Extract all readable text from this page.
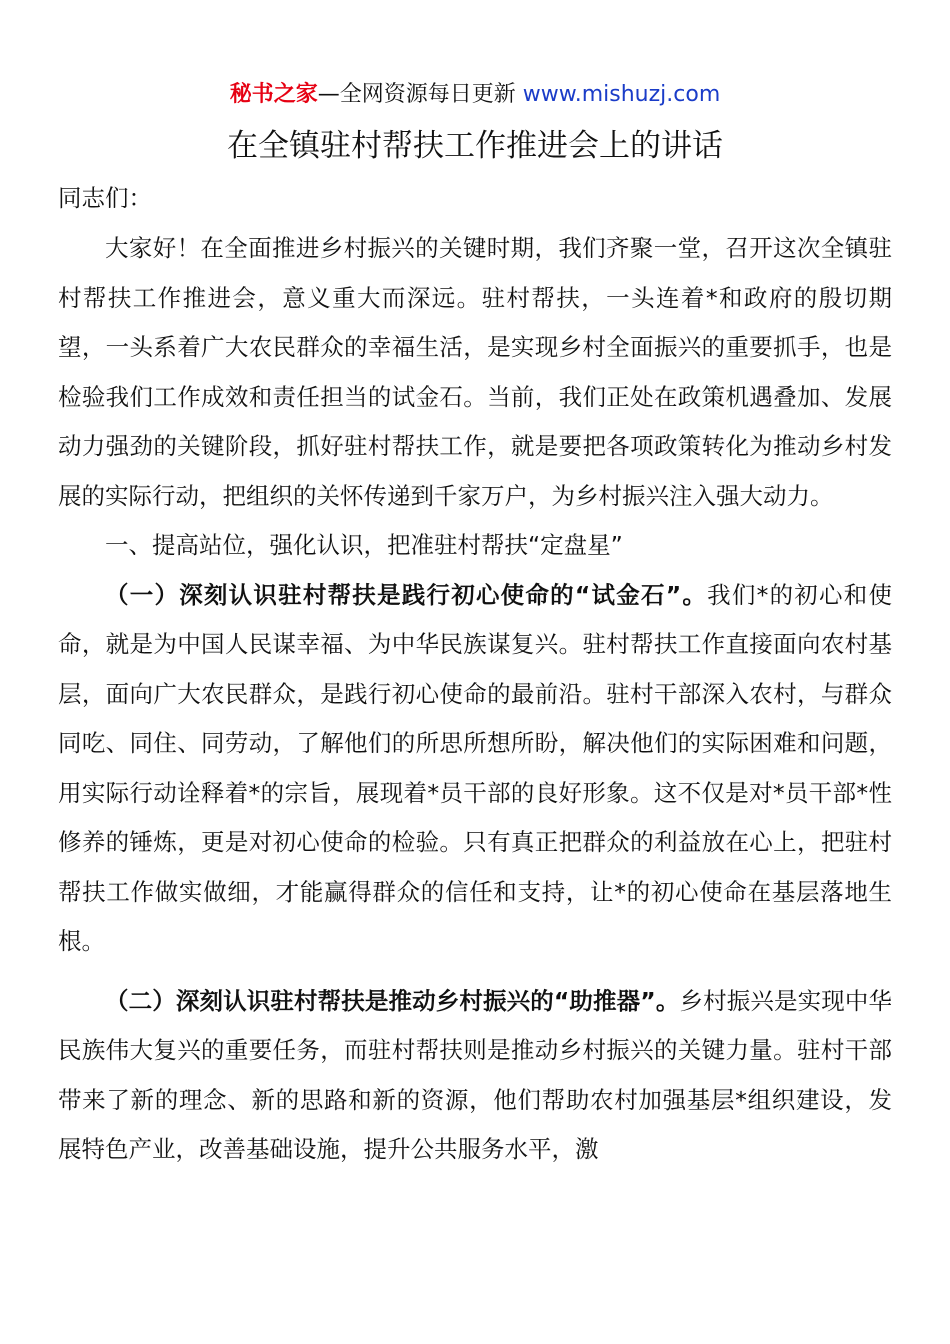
秘书之家—全网资源每日更新 www.mishuzj.com
在全镇驻村帮扶工作推进会上的讲话
同志们：

大家好！在全面推进乡村振兴的关键时期，我们齐聚一堂，召开这次全镇驻村帮扶工作推进会，意义重大而深远。驻村帮扶，一头连着*和政府的殷切期望，一头系着广大农民群众的幸福生活，是实现乡村全面振兴的重要抓手，也是检验我们工作成效和责任担当的试金石。当前，我们正处在政策机遇叠加、发展动力强劲的关键阶段，抓好驻村帮扶工作，就是要把各项政策转化为推动乡村发展的实际行动，把组织的关怀传递到千家万户，为乡村振兴注入强大动力。

一、提高站位，强化认识，把准驻村帮扶“定盘星”

（一）深刻认识驻村帮扶是践行初心使命的“试金石”。我们*的初心和使命，就是为中国人民谋幸福、为中华民族谋复兴。驻村帮扶工作直接面向农村基层，面向广大农民群众，是践行初心使命的最前沿。驻村干部深入农村，与群众同吃、同住、同劳动，了解他们的所思所想所盼，解决他们的实际困难和问题，用实际行动诠释着*的宗旨，展现着*员干部的良好形象。这不仅是对*员干部*性修养的锤炼，更是对初心使命的检验。只有真正把群众的利益放在心上，把驻村帮扶工作做实做细，才能赢得群众的信任和支持，让*的初心使命在基层落地生根。

（二）深刻认识驻村帮扶是推动乡村振兴的“助推器”。乡村振兴是实现中华民族伟大复兴的重要任务，而驻村帮扶则是推动乡村振兴的关键力量。驻村干部带来了新的理念、新的思路和新的资源，他们帮助农村加强基层*组织建设，发展特色产业，改善基础设施，提升公共服务水平，激
